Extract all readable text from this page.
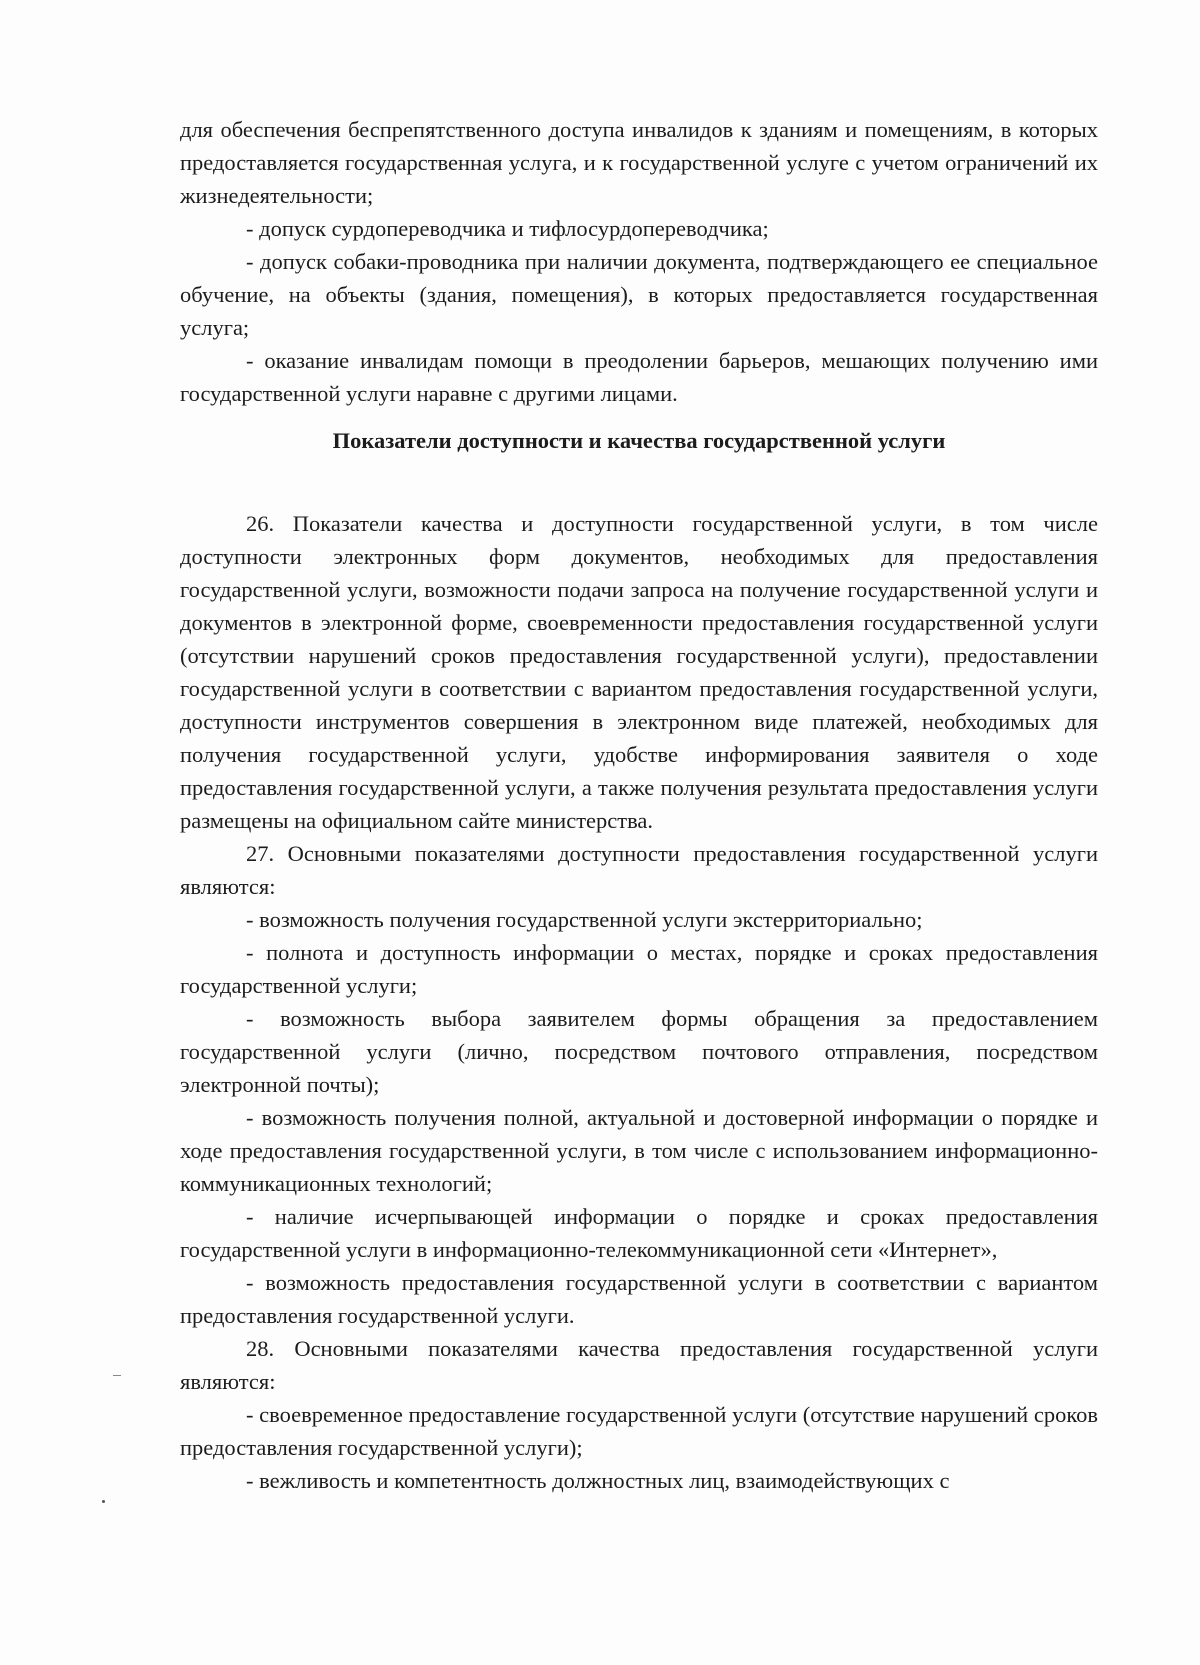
для обеспечения беспрепятственного доступа инвалидов к зданиям и помещениям, в которых предоставляется государственная услуга, и к государственной услуге с учетом ограничений их жизнедеятельности;

- допуск сурдопереводчика и тифлосурдопереводчика;

- допуск собаки-проводника при наличии документа, подтверждающего ее специальное обучение, на объекты (здания, помещения), в которых предоставляется государственная услуга;

- оказание инвалидам помощи в преодолении барьеров, мешающих получению ими государственной услуги наравне с другими лицами.

Показатели доступности и качества государственной услуги

26. Показатели качества и доступности государственной услуги, в том числе доступности электронных форм документов, необходимых для предоставления государственной услуги, возможности подачи запроса на получение государственной услуги и документов в электронной форме, своевременности предоставления государственной услуги (отсутствии нарушений сроков предоставления государственной услуги), предоставлении государственной услуги в соответствии с вариантом предоставления государственной услуги, доступности инструментов совершения в электронном виде платежей, необходимых для получения государственной услуги, удобстве информирования заявителя о ходе предоставления государственной услуги, а также получения результата предоставления услуги размещены на официальном сайте министерства.

27. Основными показателями доступности предоставления государственной услуги являются:

- возможность получения государственной услуги экстерриториально;

- полнота и доступность информации о местах, порядке и сроках предоставления государственной услуги;

- возможность выбора заявителем формы обращения за предоставлением государственной услуги (лично, посредством почтового отправления, посредством электронной почты);

- возможность получения полной, актуальной и достоверной информации о порядке и ходе предоставления государственной услуги, в том числе с использованием информационно-коммуникационных технологий;

- наличие исчерпывающей информации о порядке и сроках предоставления государственной услуги в информационно-телекоммуникационной сети «Интернет»,

- возможность предоставления государственной услуги в соответствии с вариантом предоставления государственной услуги.

28. Основными показателями качества предоставления государственной услуги являются:

- своевременное предоставление государственной услуги (отсутствие нарушений сроков предоставления государственной услуги);

- вежливость и компетентность должностных лиц, взаимодействующих с
